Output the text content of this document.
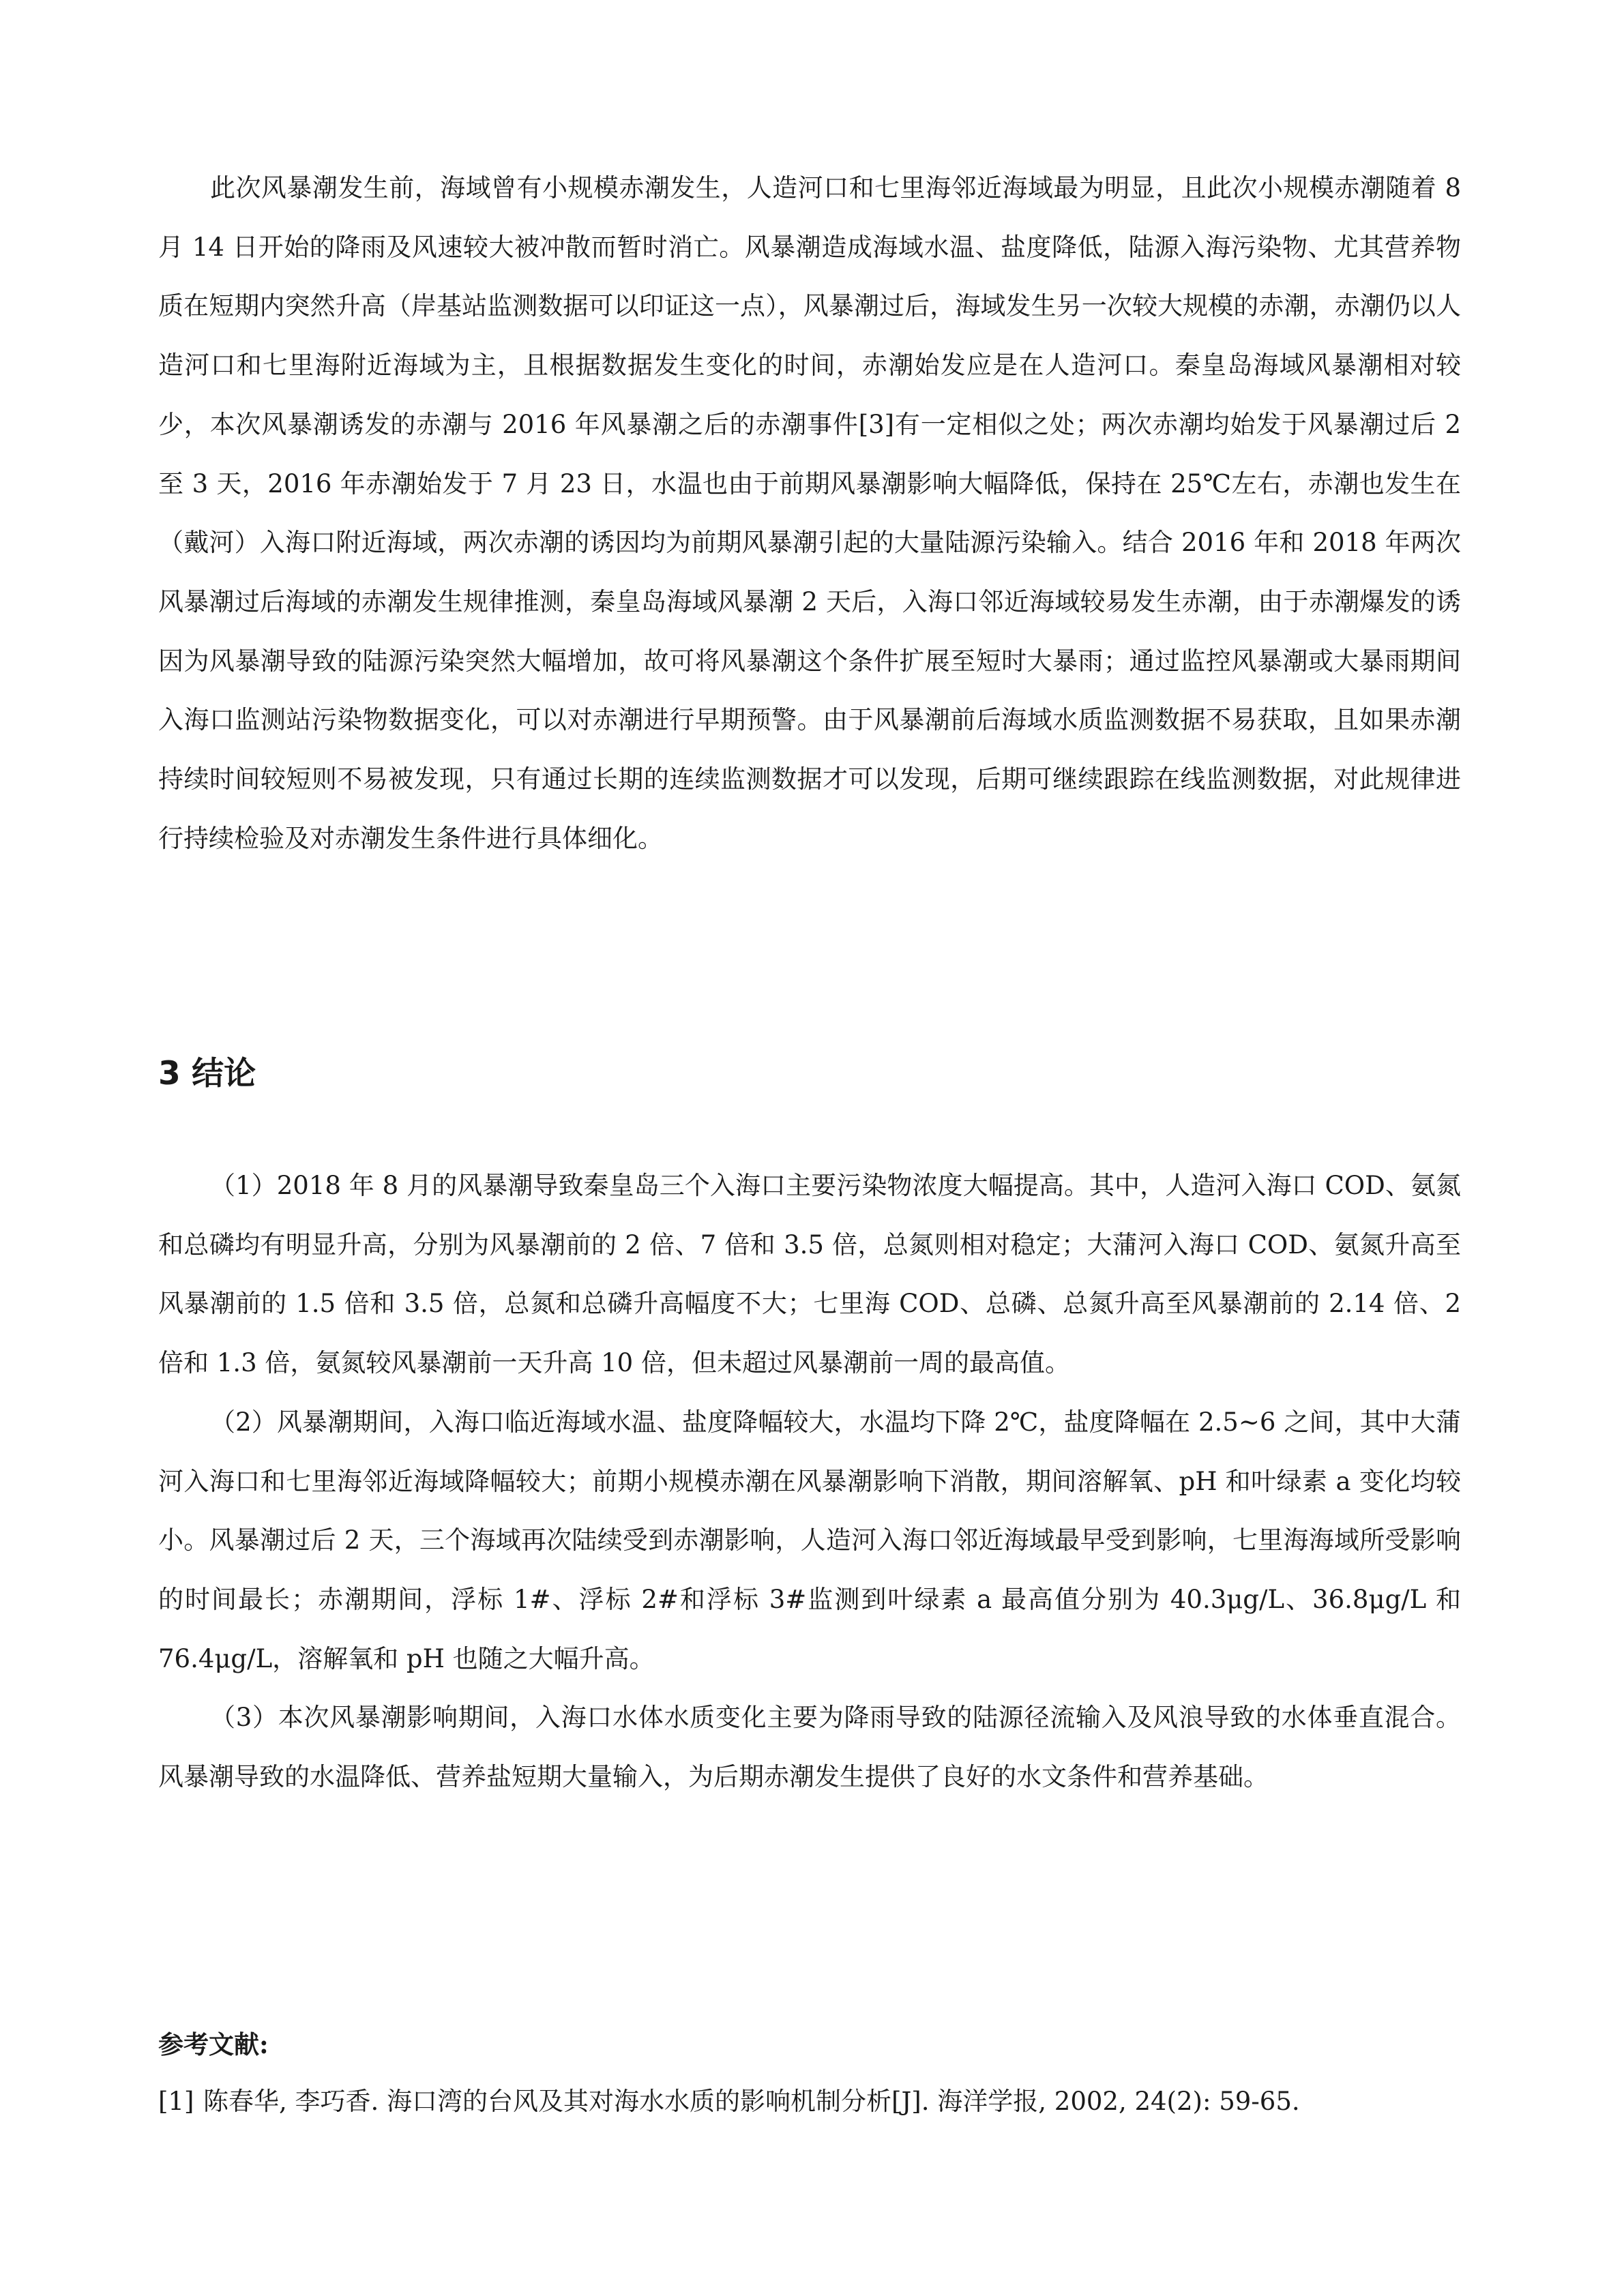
此次风暴潮发生前，海域曾有小规模赤潮发生，人造河口和七里海邻近海域最为明显，且此次小规模赤潮随着 8 月 14 日开始的降雨及风速较大被冲散而暂时消亡。风暴潮造成海域水温、盐度降低，陆源入海污染物、尤其营养物质在短期内突然升高（岸基站监测数据可以印证这一点），风暴潮过后，海域发生另一次较大规模的赤潮，赤潮仍以人造河口和七里海附近海域为主，且根据数据发生变化的时间，赤潮始发应是在人造河口。秦皇岛海域风暴潮相对较少，本次风暴潮诱发的赤潮与 2016 年风暴潮之后的赤潮事件[3]有一定相似之处；两次赤潮均始发于风暴潮过后 2 至 3 天，2016 年赤潮始发于 7 月 23 日，水温也由于前期风暴潮影响大幅降低，保持在 25℃左右，赤潮也发生在（戴河）入海口附近海域，两次赤潮的诱因均为前期风暴潮引起的大量陆源污染输入。结合 2016 年和 2018 年两次风暴潮过后海域的赤潮发生规律推测，秦皇岛海域风暴潮 2 天后，入海口邻近海域较易发生赤潮，由于赤潮爆发的诱因为风暴潮导致的陆源污染突然大幅增加，故可将风暴潮这个条件扩展至短时大暴雨；通过监控风暴潮或大暴雨期间入海口监测站污染物数据变化，可以对赤潮进行早期预警。由于风暴潮前后海域水质监测数据不易获取，且如果赤潮持续时间较短则不易被发现，只有通过长期的连续监测数据才可以发现，后期可继续跟踪在线监测数据，对此规律进行持续检验及对赤潮发生条件进行具体细化。

3 结论

（1）2018 年 8 月的风暴潮导致秦皇岛三个入海口主要污染物浓度大幅提高。其中，人造河入海口 COD、氨氮和总磷均有明显升高，分别为风暴潮前的 2 倍、7 倍和 3.5 倍，总氮则相对稳定；大蒲河入海口 COD、氨氮升高至风暴潮前的 1.5 倍和 3.5 倍，总氮和总磷升高幅度不大；七里海 COD、总磷、总氮升高至风暴潮前的 2.14 倍、2 倍和 1.3 倍，氨氮较风暴潮前一天升高 10 倍，但未超过风暴潮前一周的最高值。

（2）风暴潮期间，入海口临近海域水温、盐度降幅较大，水温均下降 2℃，盐度降幅在 2.5~6 之间，其中大蒲河入海口和七里海邻近海域降幅较大；前期小规模赤潮在风暴潮影响下消散，期间溶解氧、pH 和叶绿素 a 变化均较小。风暴潮过后 2 天，三个海域再次陆续受到赤潮影响，人造河入海口邻近海域最早受到影响，七里海海域所受影响的时间最长；赤潮期间，浮标 1#、浮标 2#和浮标 3#监测到叶绿素 a 最高值分别为 40.3μg/L、36.8μg/L 和 76.4μg/L，溶解氧和 pH 也随之大幅升高。

（3）本次风暴潮影响期间，入海口水体水质变化主要为降雨导致的陆源径流输入及风浪导致的水体垂直混合。风暴潮导致的水温降低、营养盐短期大量输入，为后期赤潮发生提供了良好的水文条件和营养基础。

参考文献:

[1] 陈春华, 李巧香. 海口湾的台风及其对海水水质的影响机制分析[J]. 海洋学报, 2002, 24(2): 59-65.
